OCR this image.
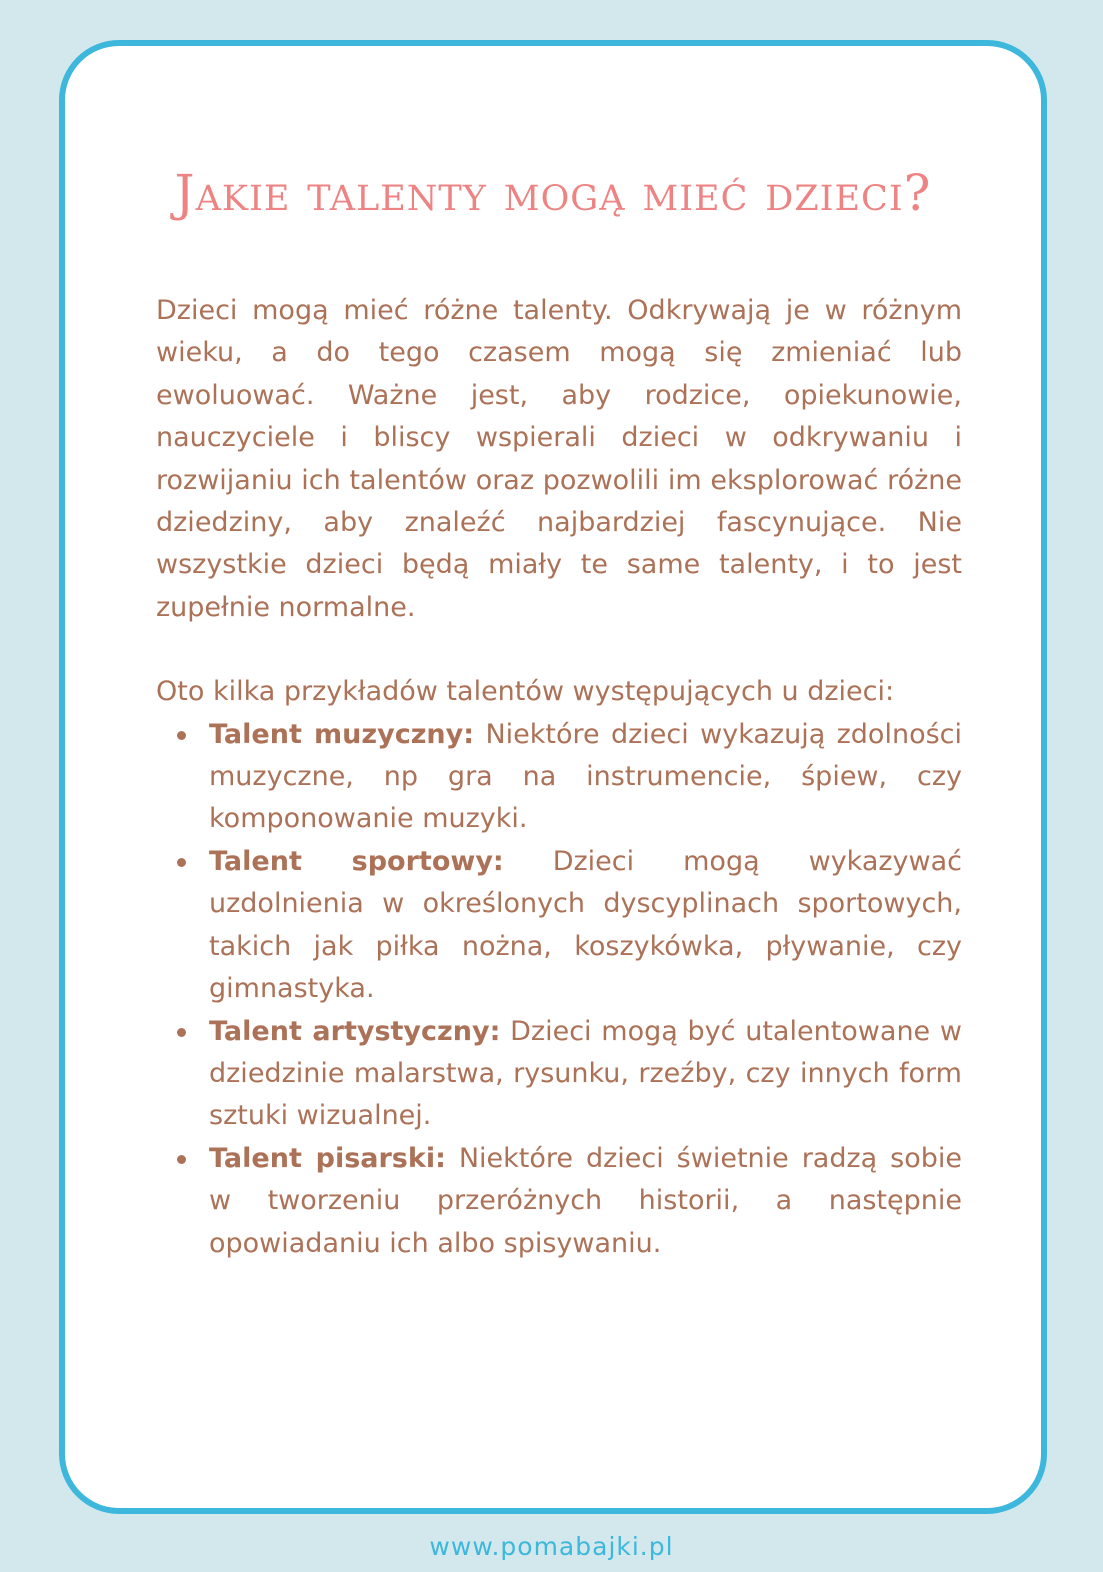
Jakie talenty mogą mieć dzieci?

Dzieci mogą mieć różne talenty. Odkrywają je w różnym wieku, a do tego czasem mogą się zmieniać lub ewoluować. Ważne jest, aby rodzice, opiekunowie, nauczyciele i bliscy wspierali dzieci w odkrywaniu i rozwijaniu ich talentów oraz pozwolili im eksplorować różne dziedziny, aby znaleźć najbardziej fascynujące. Nie wszystkie dzieci będą miały te same talenty, i to jest zupełnie normalne.

Oto kilka przykładów talentów występujących u dzieci:

Talent muzyczny: Niektóre dzieci wykazują zdolności muzyczne, np gra na instrumencie, śpiew, czy komponowanie muzyki.
Talent sportowy: Dzieci mogą wykazywać uzdolnienia w określonych dyscyplinach sportowych, takich jak piłka nożna, koszykówka, pływanie, czy gimnastyka.
Talent artystyczny: Dzieci mogą być utalentowane w dziedzinie malarstwa, rysunku, rzeźby, czy innych form sztuki wizualnej.
Talent pisarski: Niektóre dzieci świetnie radzą sobie w tworzeniu przeróżnych historii, a następnie opowiadaniu ich albo spisywaniu.
www.pomabajki.pl
